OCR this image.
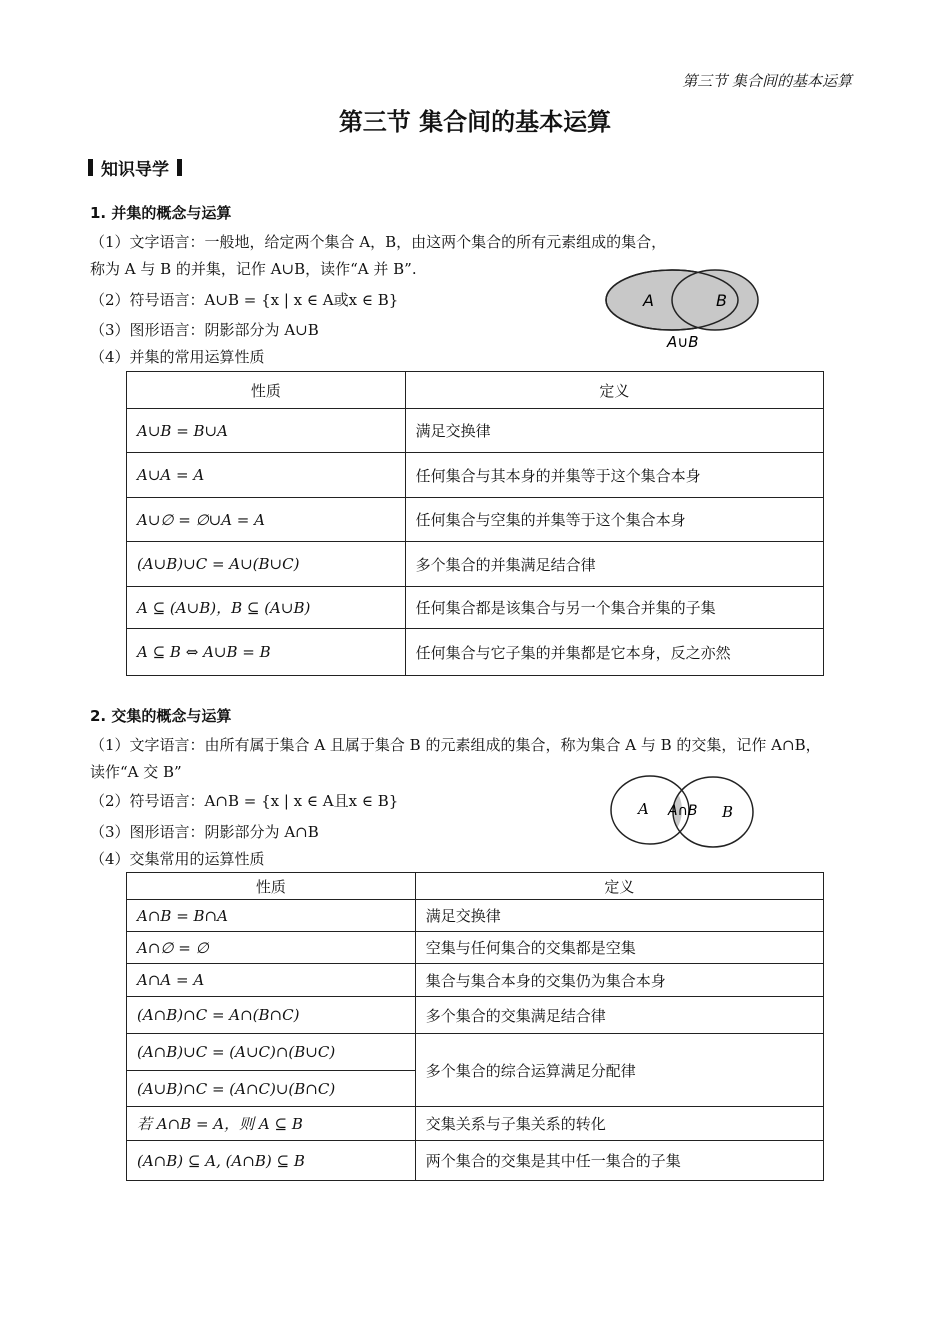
第三节 集合间的基本运算
第三节 集合间的基本运算
知识导学
1. 并集的概念与运算
（1）文字语言：一般地，给定两个集合 A，B，由这两个集合的所有元素组成的集合，
称为 A 与 B 的并集，记作 A∪B，读作“A 并 B”.
（2）符号语言：A∪B = {x | x ∈ A或x ∈ B}
（3）图形语言：阴影部分为 A∪B
（4）并集的常用运算性质
A	B
A∪B
性质	定义
A∪B = B∪A	满足交换律
A∪A = A	任何集合与其本身的并集等于这个集合本身
A∪∅ = ∅∪A = A	任何集合与空集的并集等于这个集合本身
(A∪B)∪C = A∪(B∪C)	多个集合的并集满足结合律
A ⊆ (A∪B)，B ⊆ (A∪B)	任何集合都是该集合与另一个集合并集的子集
A ⊆ B ⇔ A∪B = B	任何集合与它子集的并集都是它本身，反之亦然
2. 交集的概念与运算
（1）文字语言：由所有属于集合 A 且属于集合 B 的元素组成的集合，称为集合 A 与 B 的交集，记作 A∩B，
读作“A 交 B”
（2）符号语言：A∩B = {x | x ∈ A且x ∈ B}
（3）图形语言：阴影部分为 A∩B
（4）交集常用的运算性质
A A∩B B
性质	定义
A∩B = B∩A	满足交换律
A∩∅ = ∅	空集与任何集合的交集都是空集
A∩A = A	集合与集合本身的交集仍为集合本身
(A∩B)∩C = A∩(B∩C)	多个集合的交集满足结合律
(A∩B)∪C = (A∪C)∩(B∪C)	多个集合的综合运算满足分配律
(A∪B)∩C = (A∩C)∪(B∩C)	
若 A∩B = A，则 A ⊆ B	交集关系与子集关系的转化
(A∩B) ⊆ A, (A∩B) ⊆ B	两个集合的交集是其中任一集合的子集
